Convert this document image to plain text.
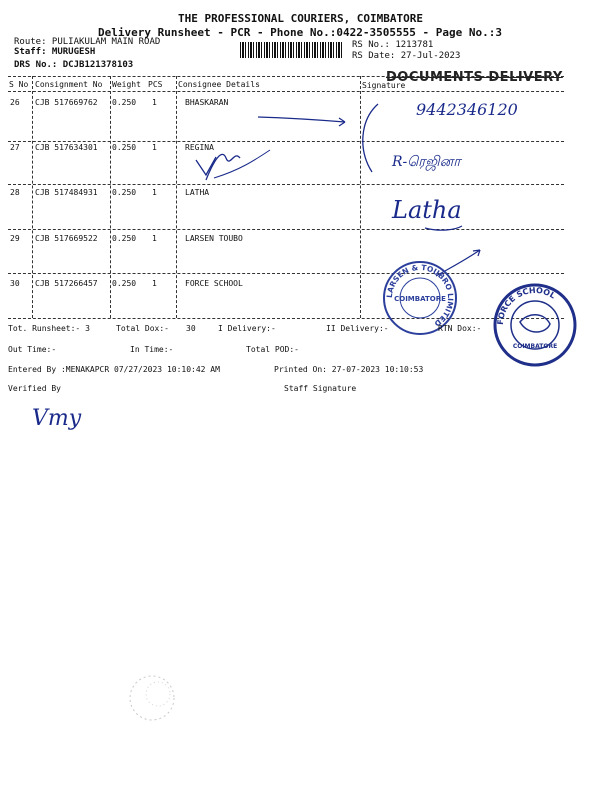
THE PROFESSIONAL COURIERS, COIMBATORE
Delivery Runsheet - PCR - Phone No.:0422-3505555 - Page No.:3
Route: PULIAKULAM MAIN ROAD
Staff: MURUGESH
DRS No.: DCJB121378103
RS No.: 1213781
RS Date: 27-Jul-2023
DOCUMENTS DELIVERY
S No Consignment No Weight PCS Consignee Details	Signature
26 CJB 517669762 0.250 1	BHASKARAN
27 CJB 517634301 0.250 1	REGINA
28 CJB 517484931 0.250 1	LATHA
29 CJB 517669522 0.250 1	LARSEN TOUBO
30 CJB 517266457 0.250 1	FORCE SCHOOL
9442346120
R-ரெஜினா
Latha
LARSEN & TOUBRO LIMITED
COIMBATORE
FORCE SCHOOL
COIMBATORE
Tot. Runsheet:- 3	Total Dox:- 30	I Delivery:-	II Delivery:-	RTN Dox:-
Out Time:-	In Time:-	Total POD:-
Entered By :MENAKAPCR 07/27/2023 10:10:42 AM	Printed On: 27-07-2023 10:10:53
Verified By	Staff Signature
Vmy
